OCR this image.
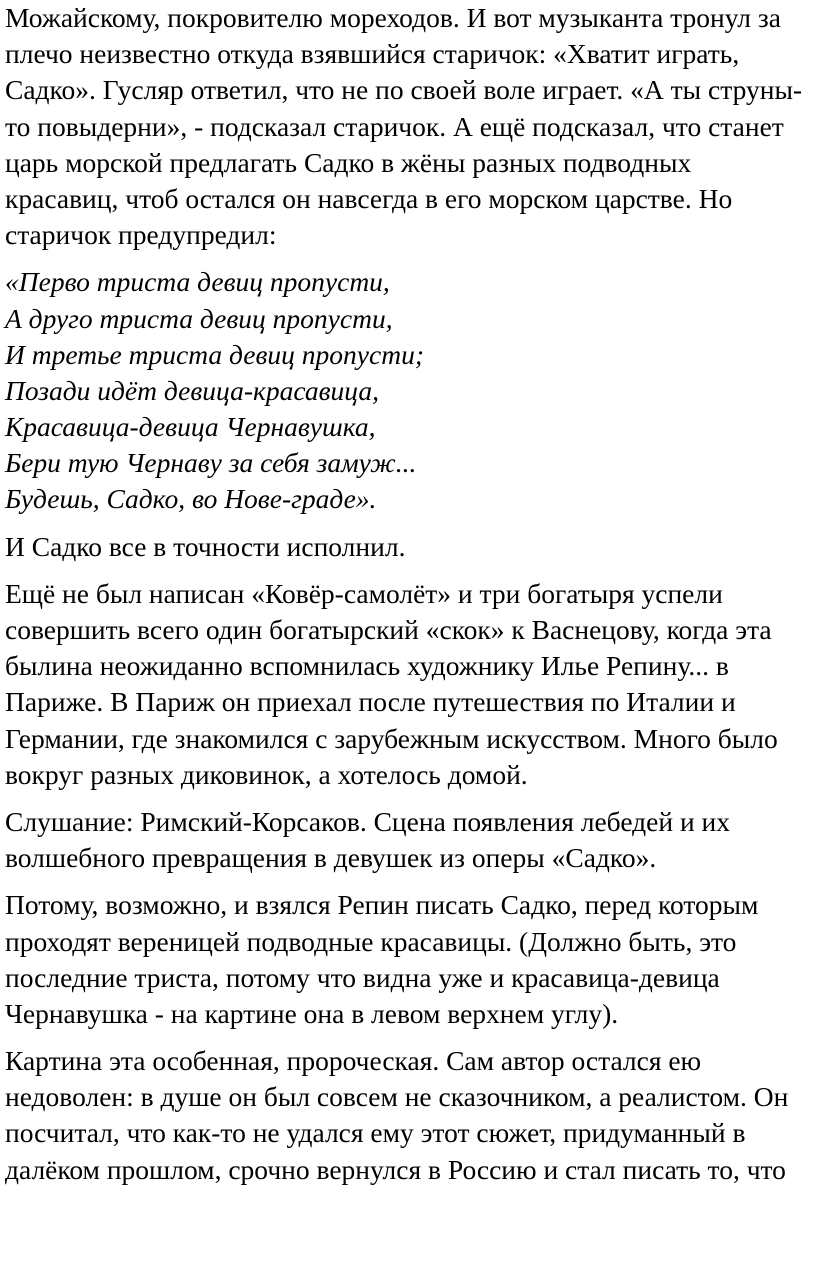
Можайскому, покровителю мореходов. И вот музыканта тронул за
плечо неизвестно откуда взявшийся старичок: «Хватит играть,
Садко». Гусляр ответил, что не по своей воле играет. «А ты струны-
то повыдерни», - подсказал старичок. А ещё подсказал, что станет
царь морской предлагать Садко в жёны разных подводных
красавиц, чтоб остался он навсегда в его морском царстве. Но
старичок предупредил:
«Перво триста девиц пропусти,
А друго триста девиц пропусти,
И третье триста девиц пропусти;
Позади идёт девица-красавица,
Красавица-девица Чернавушка,
Бери тую Чернаву за себя замуж...
Будешь, Садко, во Нове-граде».
И Садко все в точности исполнил.
Ещё не был написан «Ковёр-самолёт» и три богатыря успели
совершить всего один богатырский «скок» к Васнецову, когда эта
былина неожиданно вспомнилась художнику Илье Репину... в
Париже. В Париж он приехал после путешествия по Италии и
Германии, где знакомился с зарубежным искусством. Много было
вокруг разных диковинок, а хотелось домой.
Слушание: Римский-Корсаков. Сцена появления лебедей и их
волшебного превращения в девушек из оперы «Садко».
Потому, возможно, и взялся Репин писать Садко, перед которым
проходят вереницей подводные красавицы. (Должно быть, это
последние триста, потому что видна уже и красавица-девица
Чернавушка - на картине она в левом верхнем углу).
Картина эта особенная, пророческая. Сам автор остался ею
недоволен: в душе он был совсем не сказочником, а реалистом. Он
посчитал, что как-то не удался ему этот сюжет, придуманный в
далёком прошлом, срочно вернулся в Россию и стал писать то, что
